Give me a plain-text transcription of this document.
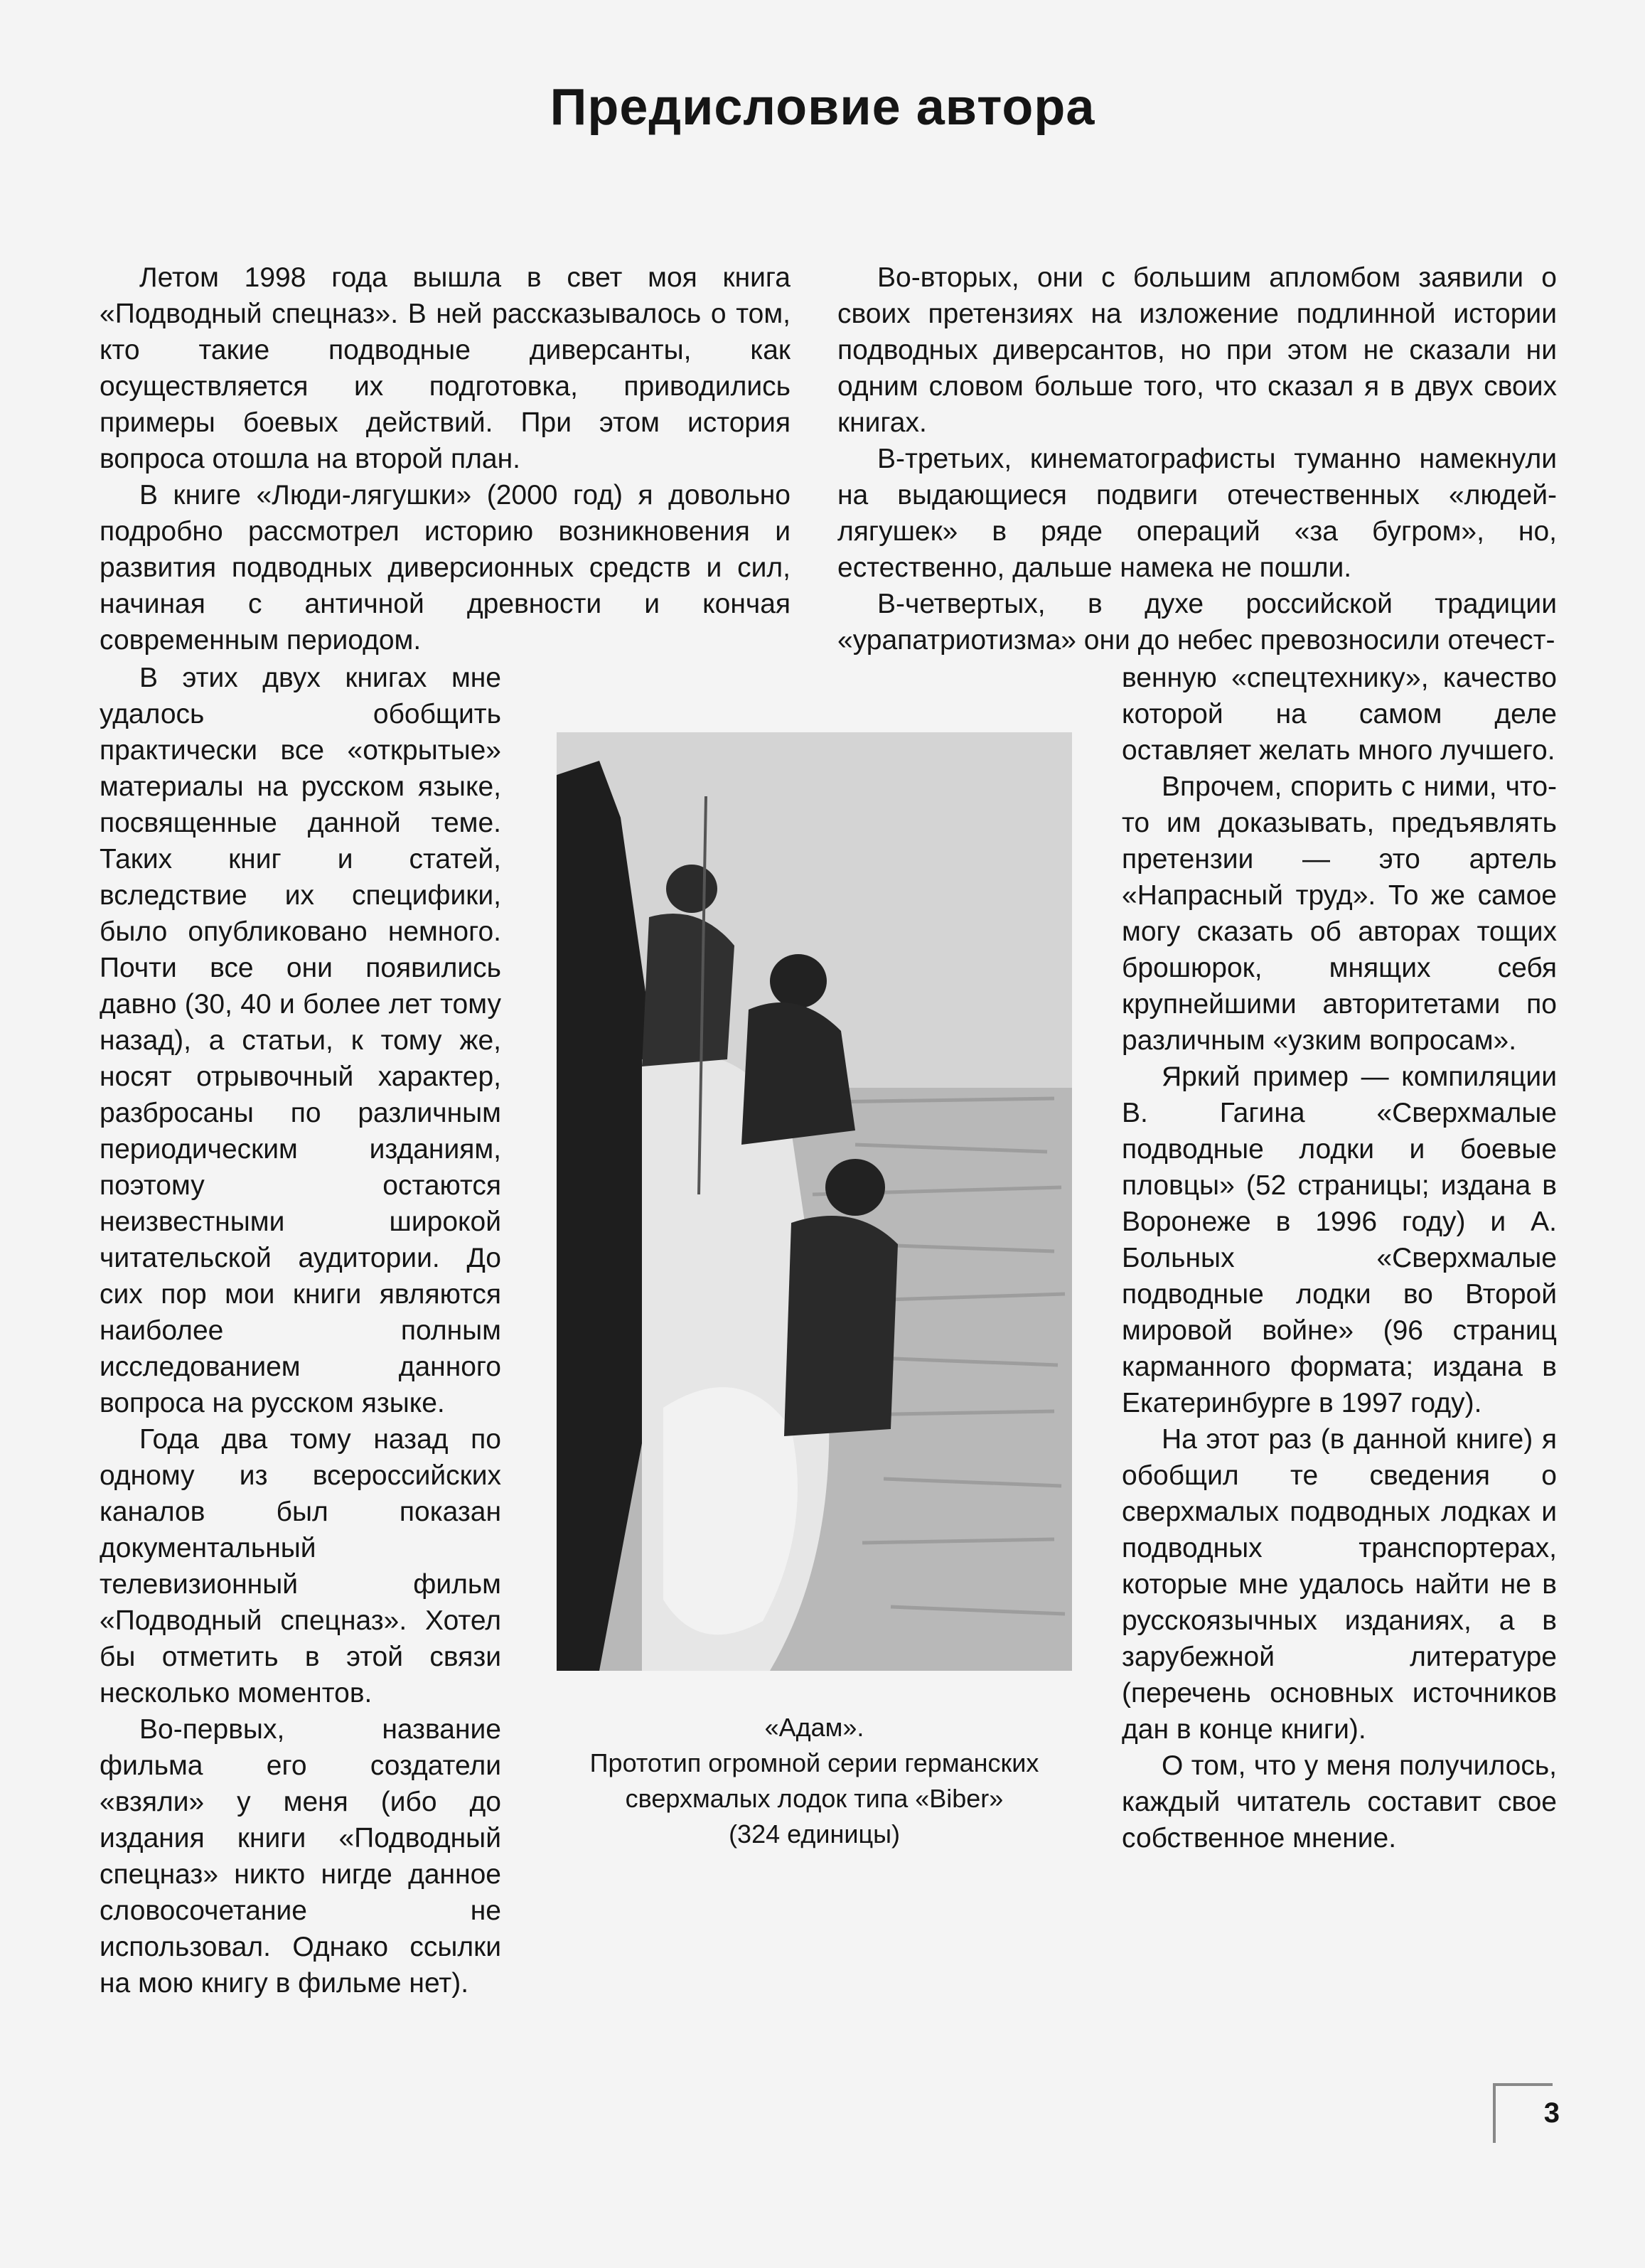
Предисловие автора

Летом 1998 года вышла в свет моя книга «Подводный спецназ». В ней рассказывалось о том, кто такие подводные диверсанты, как осуществляется их подготовка, приводились примеры боевых действий. При этом история вопроса отошла на второй план.

В книге «Люди-лягушки» (2000 год) я довольно подробно рассмотрел историю возникновения и развития подводных диверсионных средств и сил, начиная с античной древности и кончая современным периодом.

В этих двух книгах мне удалось обобщить практически все «открытые» материалы на русском языке, посвященные данной теме. Таких книг и статей, вследствие их специфики, было опубликовано немного. Почти все они появились давно (30, 40 и более лет тому назад), а статьи, к тому же, носят отрывочный характер, разбросаны по различным периодическим изданиям, поэтому остаются неизвестными широкой читательской аудитории. До сих пор мои книги являются наиболее полным исследованием данного вопроса на русском языке.

Года два тому назад по одному из всероссийских каналов был показан документальный телевизионный фильм «Подводный спецназ». Хотел бы отметить в этой связи несколько моментов.

Во-первых, название фильма его создатели «взяли» у меня (ибо до издания книги «Подводный спецназ» никто нигде данное словосочетание не использовал. Однако ссылки на мою книгу в фильме нет).

Во-вторых, они с большим апломбом заявили о своих претензиях на изложение подлинной истории подводных диверсантов, но при этом не сказали ни одним словом больше того, что сказал я в двух своих книгах.

В-третьих, кинематографисты туманно намекнули на выдающиеся подвиги отечественных «людей-лягушек» в ряде операций «за бугром», но, естественно, дальше намека не пошли.

В-четвертых, в духе российской традиции «урапатриотизма» они до небес превозносили отечест-

венную «спецтехнику», качество которой на самом деле оставляет желать много лучшего.

Впрочем, спорить с ними, что-то им доказывать, предъявлять претензии — это артель «Напрасный труд». То же самое могу сказать об авторах тощих брошюрок, мнящих себя крупнейшими авторитетами по различным «узким вопросам».

Яркий пример — компиляции В. Гагина «Сверхмалые подводные лодки и боевые пловцы» (52 страницы; издана в Воронеже в 1996 году) и А. Больных «Сверхмалые подводные лодки во Второй мировой войне» (96 страниц карманного формата; издана в Екатеринбурге в 1997 году).

На этот раз (в данной книге) я обобщил те сведения о сверхмалых подводных лодках и подводных транспортерах, которые мне удалось найти не в русскоязычных изданиях, а в зарубежной литературе (перечень основных источников дан в конце книги).

О том, что у меня получилось, каждый читатель составит свое собственное мнение.

«Адам».
Прототип огромной серии германских
сверхмалых лодок типа «Biber»
(324 единицы)
3
